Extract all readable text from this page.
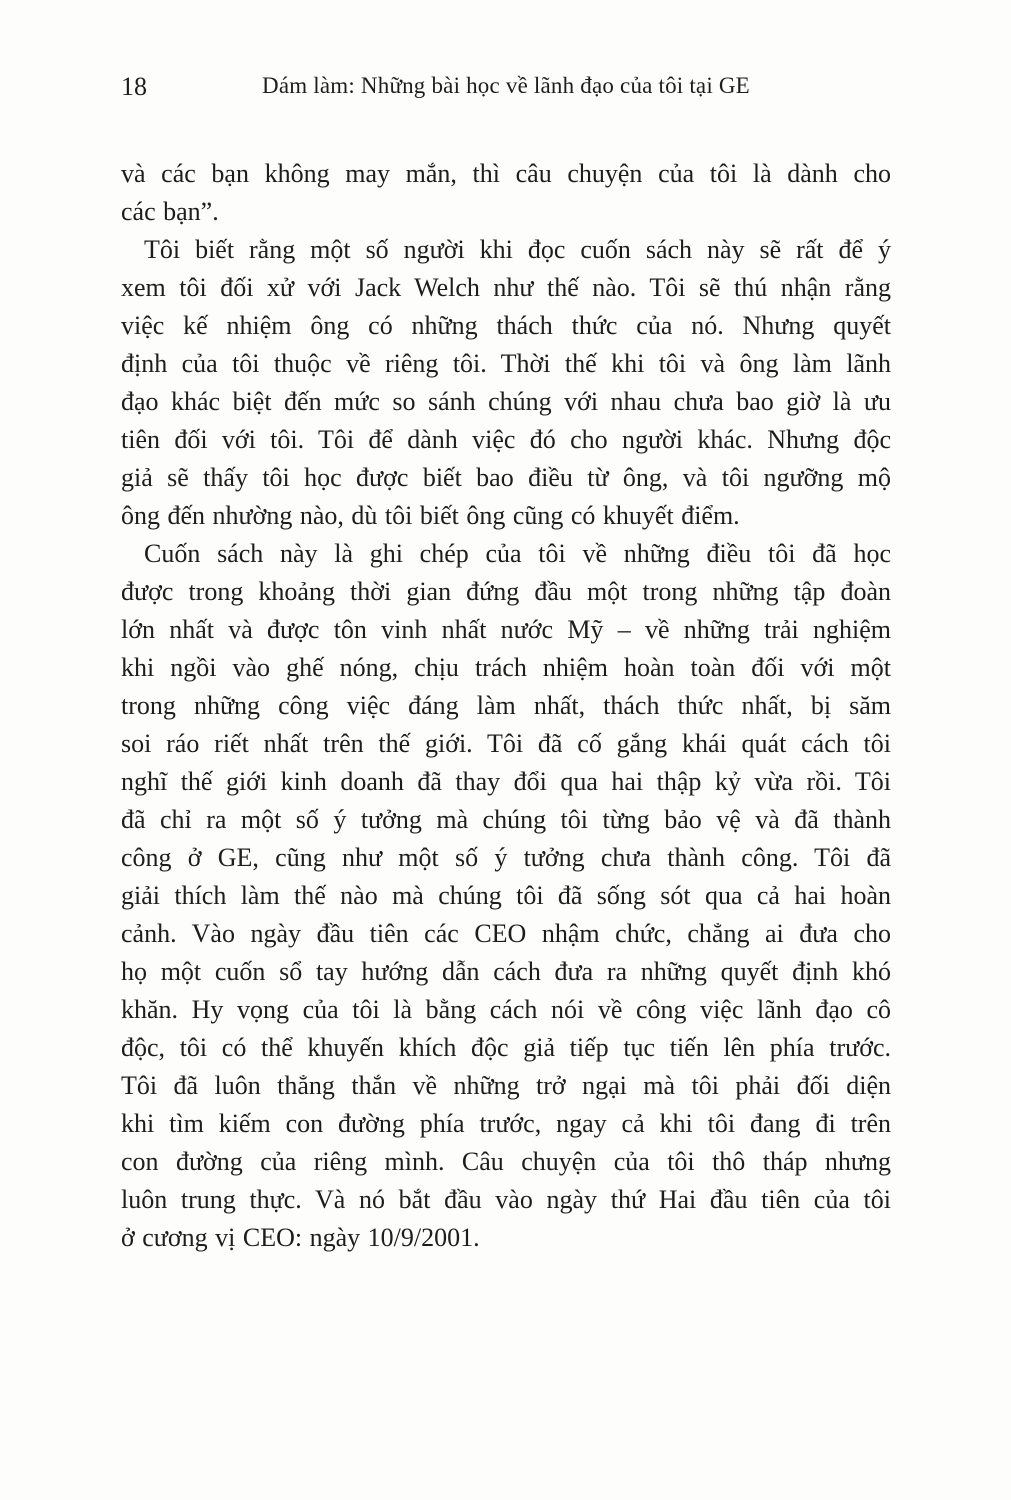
18	Dám làm: Những bài học về lãnh đạo của tôi tại GE
và các bạn không may mắn, thì câu chuyện của tôi là dành cho
các bạn”.
Tôi biết rằng một số người khi đọc cuốn sách này sẽ rất để ý
xem tôi đối xử với Jack Welch như thế nào. Tôi sẽ thú nhận rằng
việc kế nhiệm ông có những thách thức của nó. Nhưng quyết
định của tôi thuộc về riêng tôi. Thời thế khi tôi và ông làm lãnh
đạo khác biệt đến mức so sánh chúng với nhau chưa bao giờ là ưu
tiên đối với tôi. Tôi để dành việc đó cho người khác. Nhưng độc
giả sẽ thấy tôi học được biết bao điều từ ông, và tôi ngưỡng mộ
ông đến nhường nào, dù tôi biết ông cũng có khuyết điểm.
Cuốn sách này là ghi chép của tôi về những điều tôi đã học
được trong khoảng thời gian đứng đầu một trong những tập đoàn
lớn nhất và được tôn vinh nhất nước Mỹ – về những trải nghiệm
khi ngồi vào ghế nóng, chịu trách nhiệm hoàn toàn đối với một
trong những công việc đáng làm nhất, thách thức nhất, bị săm
soi ráo riết nhất trên thế giới. Tôi đã cố gắng khái quát cách tôi
nghĩ thế giới kinh doanh đã thay đổi qua hai thập kỷ vừa rồi. Tôi
đã chỉ ra một số ý tưởng mà chúng tôi từng bảo vệ và đã thành
công ở GE, cũng như một số ý tưởng chưa thành công. Tôi đã
giải thích làm thế nào mà chúng tôi đã sống sót qua cả hai hoàn
cảnh. Vào ngày đầu tiên các CEO nhậm chức, chẳng ai đưa cho
họ một cuốn sổ tay hướng dẫn cách đưa ra những quyết định khó
khăn. Hy vọng của tôi là bằng cách nói về công việc lãnh đạo cô
độc, tôi có thể khuyến khích độc giả tiếp tục tiến lên phía trước.
Tôi đã luôn thẳng thắn về những trở ngại mà tôi phải đối diện
khi tìm kiếm con đường phía trước, ngay cả khi tôi đang đi trên
con đường của riêng mình. Câu chuyện của tôi thô tháp nhưng
luôn trung thực. Và nó bắt đầu vào ngày thứ Hai đầu tiên của tôi
ở cương vị CEO: ngày 10/9/2001.
